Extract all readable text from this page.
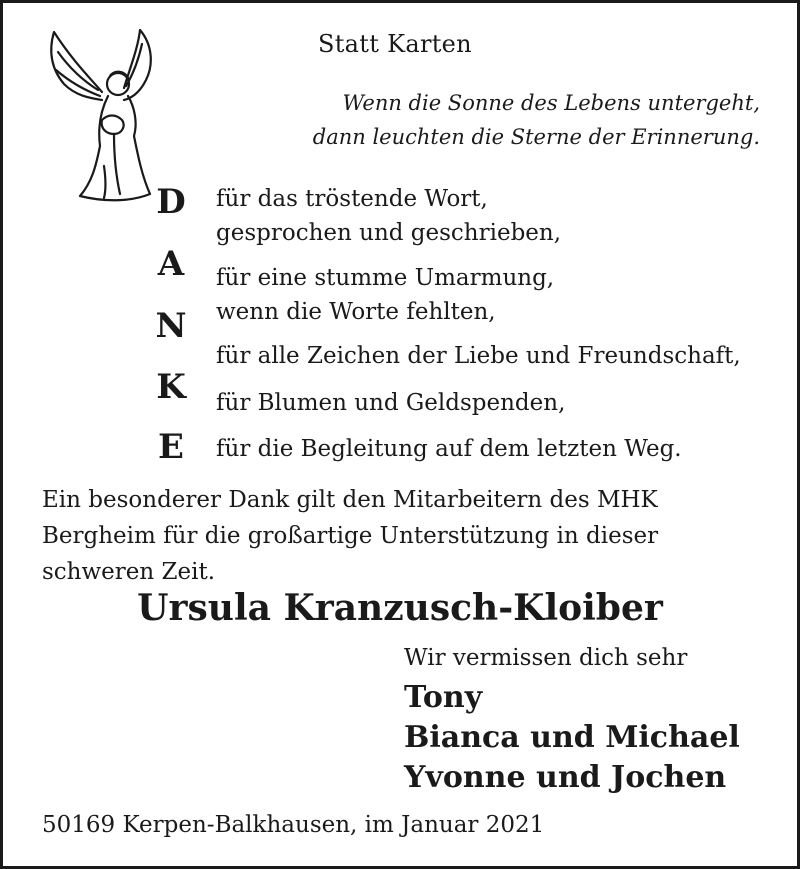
Statt Karten
Wenn die Sonne des Lebens untergeht,
dann leuchten die Sterne der Erinnerung.
D
A
N
K
E
für das tröstende Wort,
gesprochen und geschrieben,
für eine stumme Umarmung,
wenn die Worte fehlten,
für alle Zeichen der Liebe und Freundschaft,
für Blumen und Geldspenden,
für die Begleitung auf dem letzten Weg.
Ein besonderer Dank gilt den Mitarbeitern des MHK
Bergheim für die großartige Unterstützung in dieser
schweren Zeit.
Ursula Kranzusch-Kloiber
Wir vermissen dich sehr
Tony
Bianca und Michael
Yvonne und Jochen
50169 Kerpen-Balkhausen, im Januar 2021
